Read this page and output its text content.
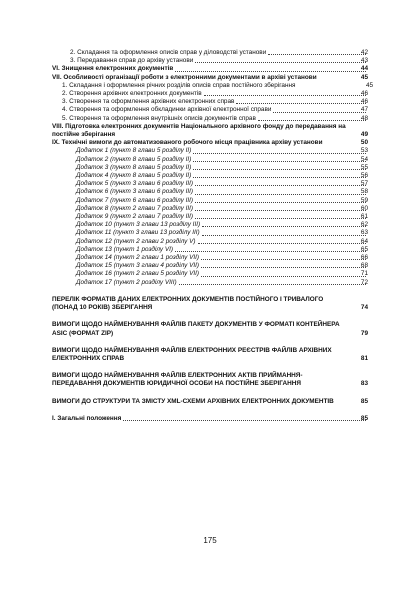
2. Складання та оформлення описів справ у діловодстві установи	42
3. Передавання справ до архіву установи	43
VI. Знищення електронних документів	44
VII. Особливості організації роботи з електронними документами в архіві установи	45
1. Складання і оформлення річних розділів описів справ постійного зберігання	45
2. Створення архівних електронних документів	46
3. Створення та оформлення архівних електронних справ	46
4. Створення та оформлення обкладинки архівної електронної справи	47
5. Створення та оформлення внутрішніх описів документів справ	48
VIII. Підготовка електронних документів Національного архівного фонду до передавання на постійне зберігання	49
IX. Технічні вимоги до автоматизованого робочого місця працівника архіву установи	50
Додаток 1 (пункт 8 глави 5 розділу II)	53
Додаток 2 (пункт 8 глави 5 розділу II)	54
Додаток 3 (пункт 8 глави 5 розділу II)	55
Додаток 4 (пункт 8 глави 5 розділу II)	56
Додаток 5 (пункт 3 глави 6 розділу III)	57
Додаток 6 (пункт 3 глави 6 розділу III)	58
Додаток 7 (пункт 6 глави 6 розділу III)	59
Додаток 8 (пункт 2 глави 7 розділу III)	60
Додаток 9 (пункт 2 глави 7 розділу III)	61
Додаток 10 (пункт 3 глави 13 розділу III)	62
Додаток 11 (пункт 3 глави 13 розділу III)	63
Додаток 12 (пункт 2 глави 2 розділу V)	64
Додаток 13 (пункт 1 розділу VI)	65
Додаток 14 (пункт 2 глави 1 розділу VII)	66
Додаток 15 (пункт 3 глави 4 розділу VII)	68
Додаток 16 (пункт 2 глави 5 розділу VII)	71
Додаток 17 (пункт 2 розділу VIII)	72
ПЕРЕЛІК ФОРМАТІВ ДАНИХ ЕЛЕКТРОННИХ ДОКУМЕНТІВ ПОСТІЙНОГО І ТРИВАЛОГО (ПОНАД 10 РОКІВ) ЗБЕРІГАННЯ	74
ВИМОГИ ЩОДО НАЙМЕНУВАННЯ ФАЙЛІВ ПАКЕТУ ДОКУМЕНТІВ У ФОРМАТІ КОНТЕЙНЕРА ASIC (ФОРМАТ ZIP)	79
ВИМОГИ ЩОДО НАЙМЕНУВАННЯ ФАЙЛІВ ЕЛЕКТРОННИХ РЕЄСТРІВ ФАЙЛІВ АРХІВНИХ ЕЛЕКТРОННИХ СПРАВ	81
ВИМОГИ ЩОДО НАЙМЕНУВАННЯ ФАЙЛІВ ЕЛЕКТРОННИХ АКТІВ ПРИЙМАННЯ-ПЕРЕДАВАННЯ ДОКУМЕНТІВ ЮРИДИЧНОЇ ОСОБИ НА ПОСТІЙНЕ ЗБЕРІГАННЯ	83
ВИМОГИ ДО СТРУКТУРИ ТА ЗМІСТУ XML-СХЕМИ АРХІВНИХ ЕЛЕКТРОННИХ ДОКУМЕНТІВ	85
I. Загальні положення	85
175
